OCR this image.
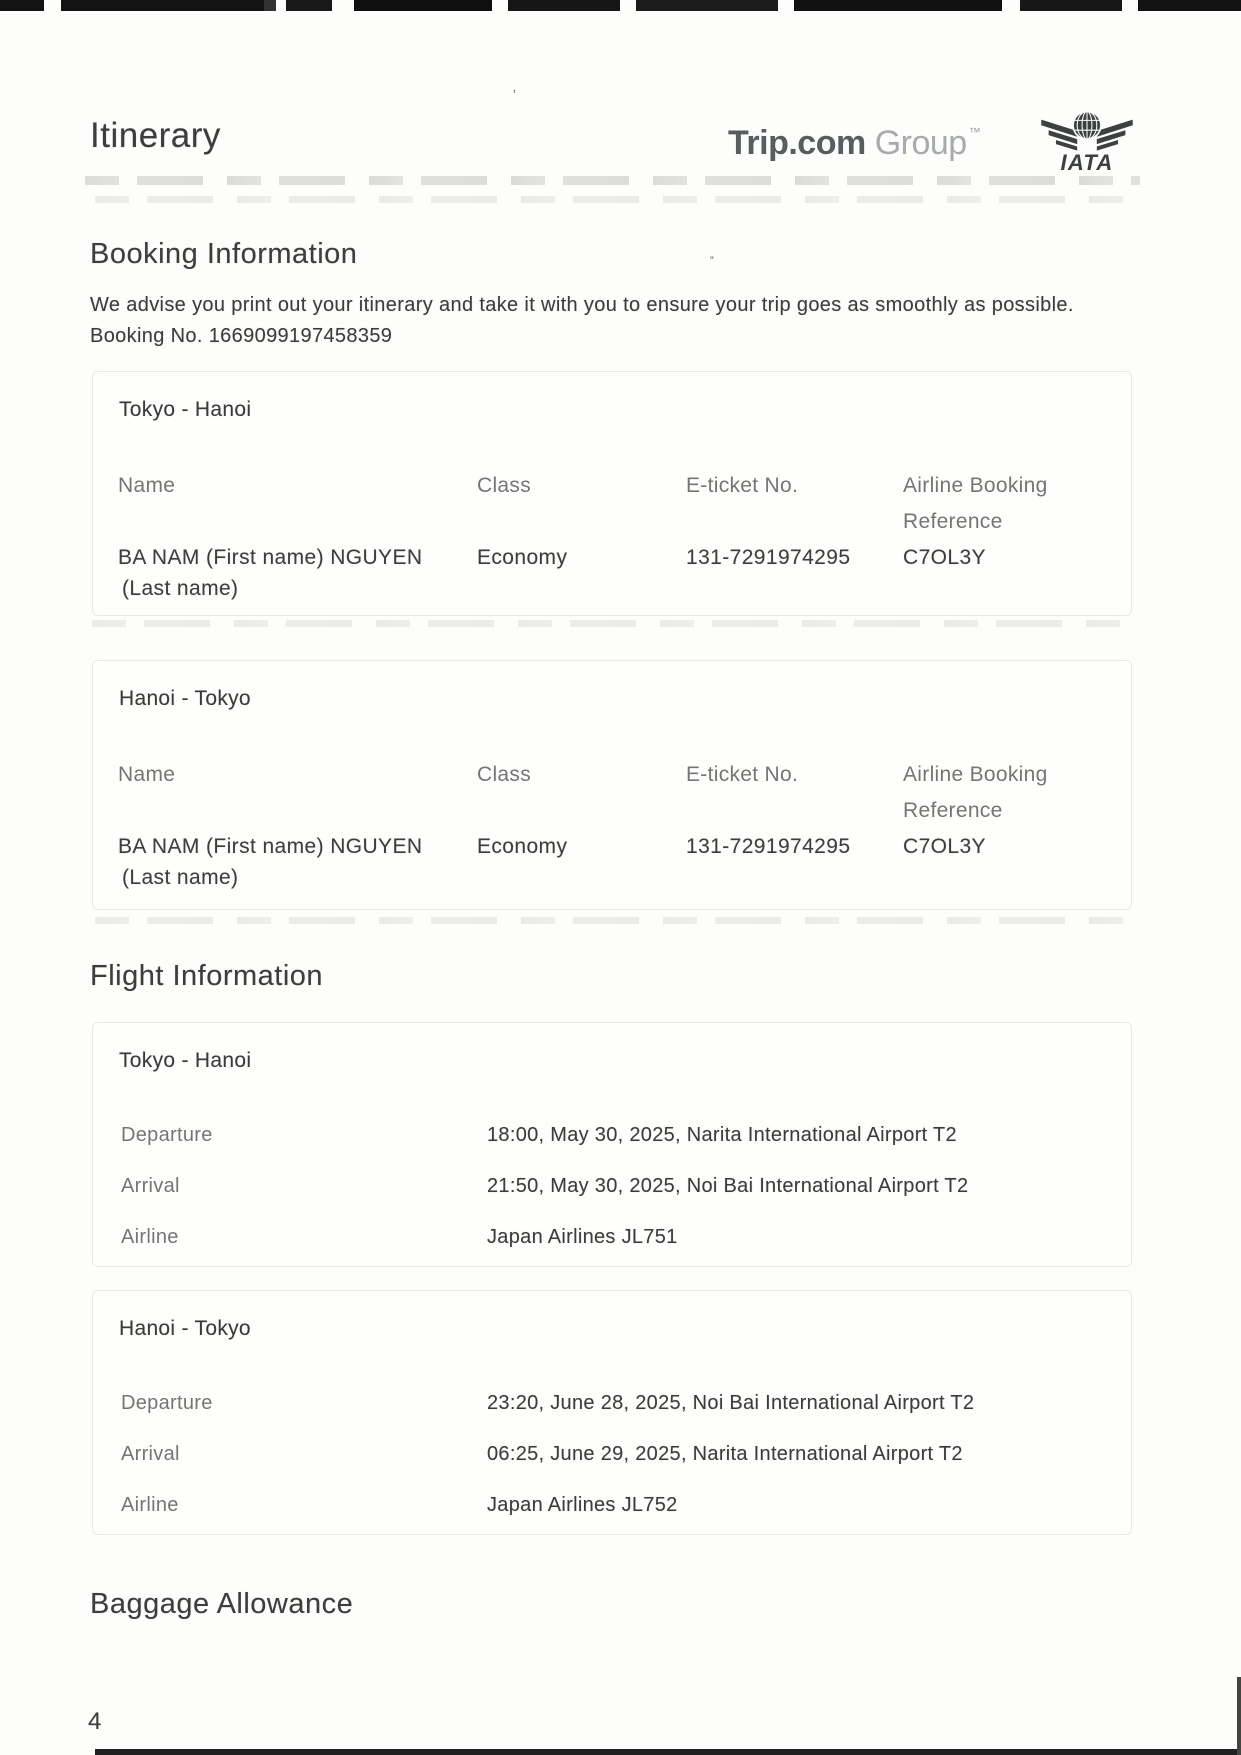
’
‟
Itinerary	Trip.com Group ™
IATA
Booking Information
We advise you print out your itinerary and take it with you to ensure your trip goes as smoothly as possible.
Booking No. 1669099197458359
Tokyo - Hanoi
Name	Class	E-ticket No.	Airline Booking Reference
BA NAM (First name) NGUYEN
(Last name)
Economy	131-7291974295	C7OL3Y
Hanoi - Tokyo
Name	Class	E-ticket No.	Airline Booking Reference
BA NAM (First name) NGUYEN
(Last name)
Economy	131-7291974295	C7OL3Y
Flight Information
Tokyo - Hanoi
Departure	18:00, May 30, 2025, Narita International Airport T2
Arrival	21:50, May 30, 2025, Noi Bai International Airport T2
Airline	Japan Airlines JL751
Hanoi - Tokyo
Departure	23:20, June 28, 2025, Noi Bai International Airport T2
Arrival	06:25, June 29, 2025, Narita International Airport T2
Airline	Japan Airlines JL752
Baggage Allowance
4
